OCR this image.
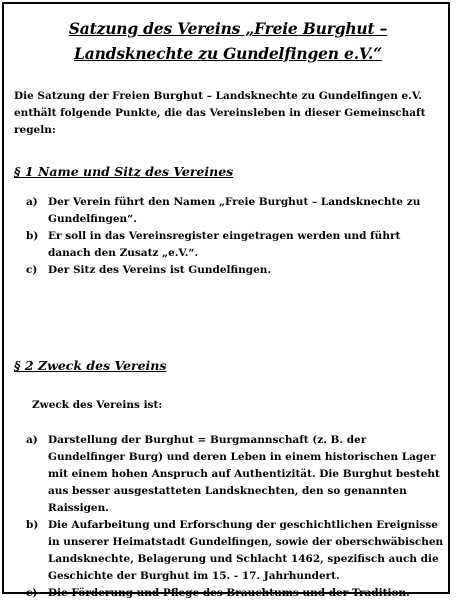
Satzung des Vereins „Freie Burghut – Landsknechte zu Gundelfingen e.V.“
Die Satzung der Freien Burghut – Landsknechte zu Gundelfingen e.V. enthält folgende Punkte, die das Vereinsleben in dieser Gemeinschaft regeln:
§ 1 Name und Sitz des Vereines
a) Der Verein führt den Namen „Freie Burghut – Landsknechte zu Gundelfingen“.
b) Er soll in das Vereinsregister eingetragen werden und führt danach den Zusatz „e.V.“.
c) Der Sitz des Vereins ist Gundelfingen.
§ 2 Zweck des Vereins
Zweck des Vereins ist:
a) Darstellung der Burghut = Burgmannschaft (z. B. der Gundelfinger Burg) und deren Leben in einem historischen Lager mit einem hohen Anspruch auf Authentizität. Die Burghut besteht aus besser ausgestatteten Landsknechten, den so genannten Raissigen.
b) Die Aufarbeitung und Erforschung der geschichtlichen Ereignisse in unserer Heimatstadt Gundelfingen, sowie der oberschwäbischen Landsknechte, Belagerung und Schlacht 1462, spezifisch auch die Geschichte der Burghut im 15. - 17. Jahrhundert.
c) Die Förderung und Pflege des Brauchtums und der Tradition.
